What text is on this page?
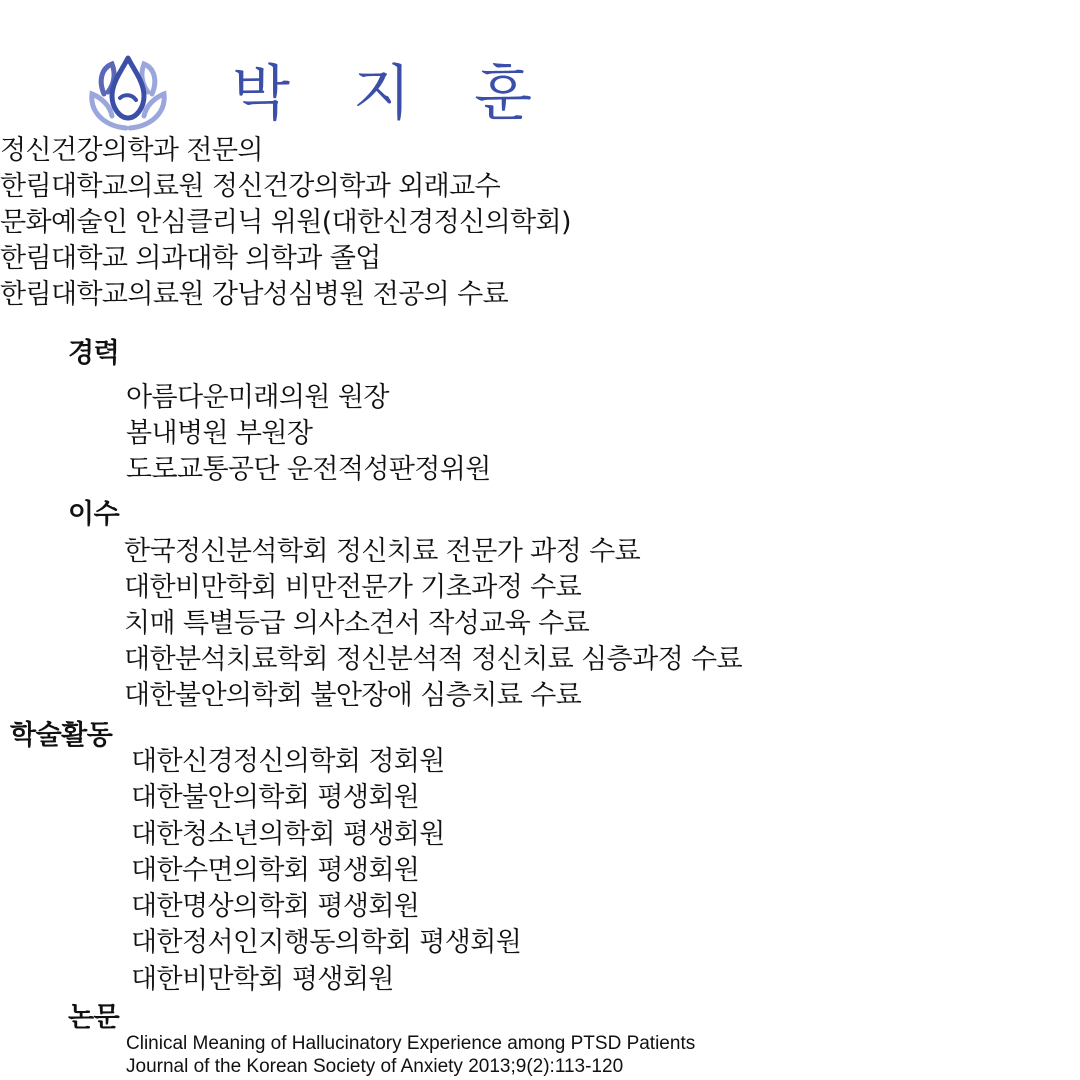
박 지 훈
정신건강의학과 전문의
한림대학교의료원 정신건강의학과 외래교수
문화예술인 안심클리닉 위원(대한신경정신의학회)
한림대학교 의과대학 의학과 졸업
한림대학교의료원 강남성심병원 전공의 수료
경력
아름다운미래의원 원장
봄내병원 부원장
도로교통공단 운전적성판정위원
이수
한국정신분석학회 정신치료 전문가 과정 수료
대한비만학회 비만전문가 기초과정 수료
치매 특별등급 의사소견서 작성교육 수료
대한분석치료학회 정신분석적 정신치료 심층과정 수료
대한불안의학회 불안장애 심층치료 수료
학술활동
대한신경정신의학회 정회원
대한불안의학회 평생회원
대한청소년의학회 평생회원
대한수면의학회 평생회원
대한명상의학회 평생회원
대한정서인지행동의학회 평생회원
대한비만학회 평생회원
논문
Clinical Meaning of Hallucinatory Experience among PTSD Patients
Journal of the Korean Society of Anxiety 2013;9(2):113-120
